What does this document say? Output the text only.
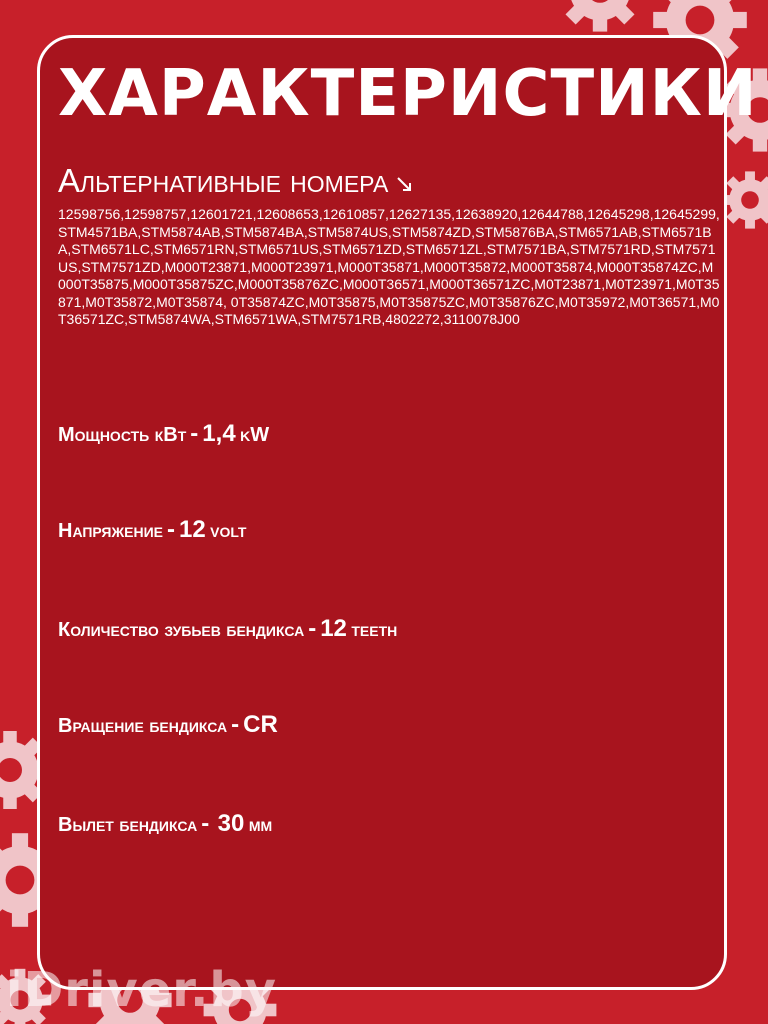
ХАРАКТЕРИСТИКИ
Альтернативные номера

12598756,12598757,12601721,12608653,12610857,12627135,12638920,12644788,12645298,12645299,STM4571BA,STM5874AB,STM5874BA,STM5874US,STM5874ZD,STM5876BA,STM6571AB,STM6571BA,STM6571LC,STM6571RN,STM6571US,STM6571ZD,STM6571ZL,STM7571BA,STM7571RD,STM7571US,STM7571ZD,M000T23871,M000T23971,M000T35871,M000T35872,M000T35874,M000T35874ZC,M000T35875,M000T35875ZC,M000T35876ZC,M000T36571,M000T36571ZC,M0T23871,M0T23971,M0T35871,M0T35872,M0T35874, 0T35874ZC,M0T35875,M0T35875ZC,M0T35876ZC,M0T35972,M0T36571,M0T36571ZC,STM5874WA,STM6571WA,STM7571RB,4802272,3110078J00

Мощность кВт - 1,4 kW

Напряжение - 12 volt

Количество зубьев бендикса - 12 teeth

Вращение бендикса - CR

Вылет бендикса - 30 мм

iDriver.by
